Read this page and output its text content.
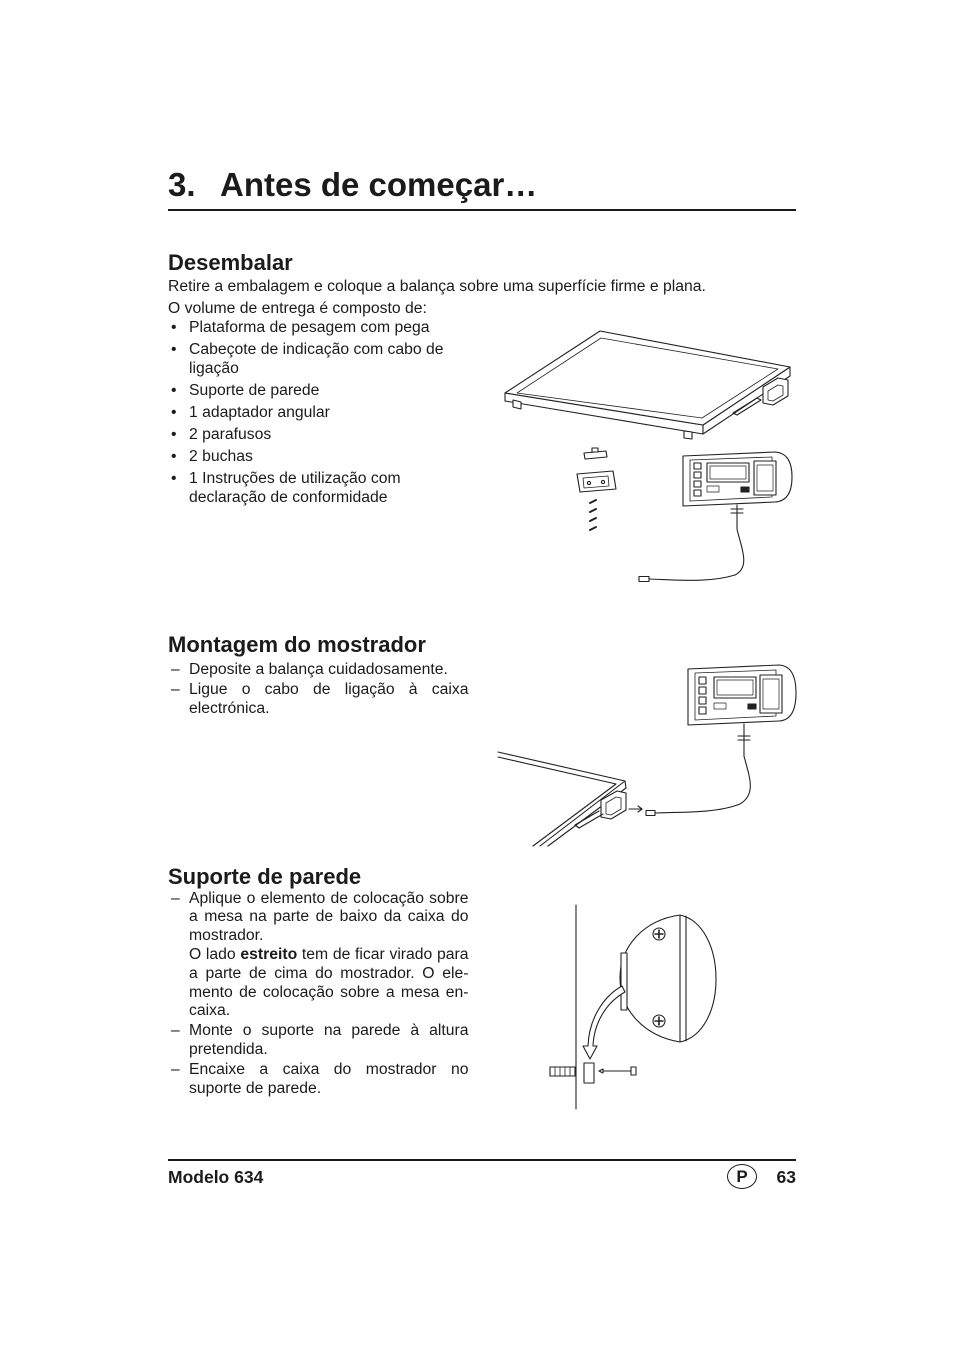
3. Antes de começar…
Desembalar
Retire a embalagem e coloque a balança sobre uma superfície firme e plana.
O volume de entrega é composto de:
• Plataforma de pesagem com pega
• Cabeçote de indicação com cabo de ligação
• Suporte de parede
• 1 adaptador angular
• 2 parafusos
• 2 buchas
• 1 Instruções de utilização com declaração de conformidade
Montagem do mostrador
– Deposite a balança cuidadosamente.
– Ligue o cabo de ligação à caixa electrónica.
Suporte de parede
– Aplique o elemento de colocação sobre a mesa na parte de baixo da caixa do mostrador.
O lado estreito tem de ficar virado para a parte de cima do mostrador. O elemento de colocação sobre a mesa encaixa.
– Monte o suporte na parede à altura pretendida.
– Encaixe a caixa do mostrador no suporte de parede.
Modelo 634	P	63
